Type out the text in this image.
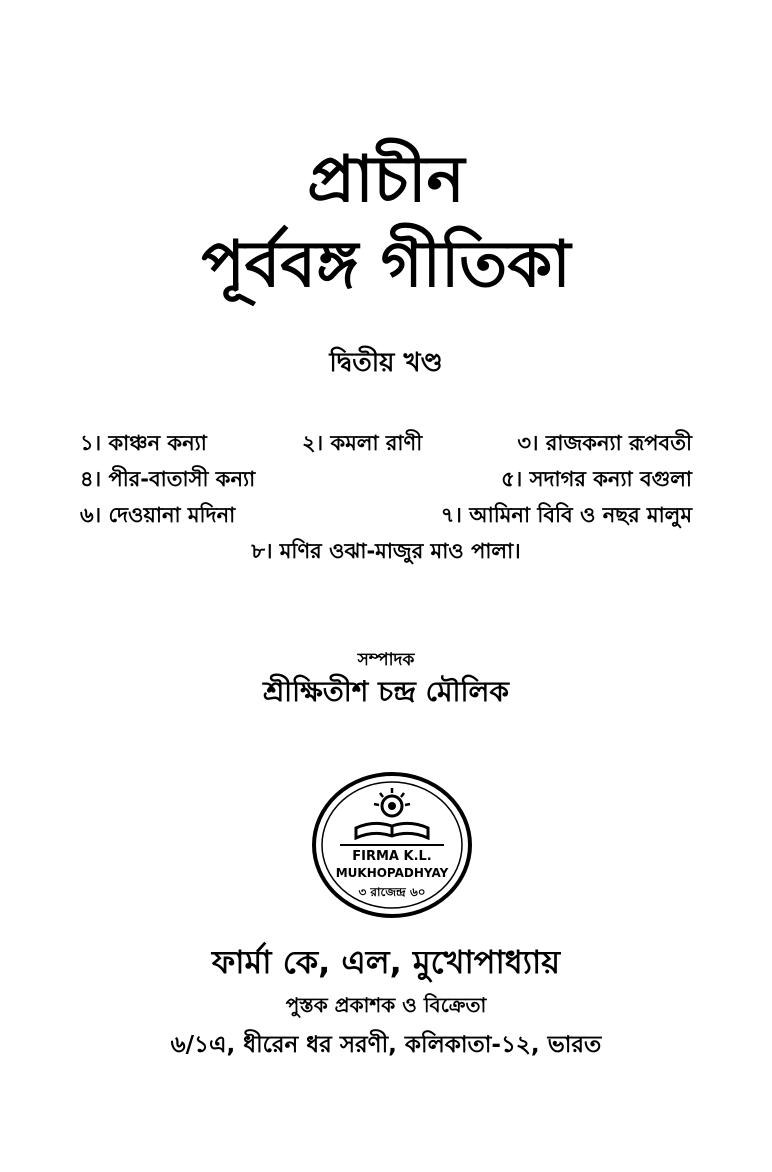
প্রাচীন
পূর্ববঙ্গ গীতিকা
দ্বিতীয় খণ্ড
১। কাঞ্চন কন্যা	২। কমলা রাণী	৩। রাজকন্যা রূপবতী
৪। পীর-বাতাসী কন্যা	৫। সদাগর কন্যা বগুলা
৬। দেওয়ানা মদিনা	৭। আমিনা বিবি ও নছর মালুম
৮। মণির ওঝা-মাজুর মাও পালা।
সম্পাদক
শ্রীক্ষিতীশ চন্দ্র মৌলিক
FIRMA K.L.
MUKHOPADHYAY
৩ রাজেন্দ্র ৬০
ফার্মা কে, এল, মুখোপাধ্যায়
পুস্তক প্রকাশক ও বিক্রেতা
৬/১এ, ধীরেন ধর সরণী, কলিকাতা-১২, ভারত
